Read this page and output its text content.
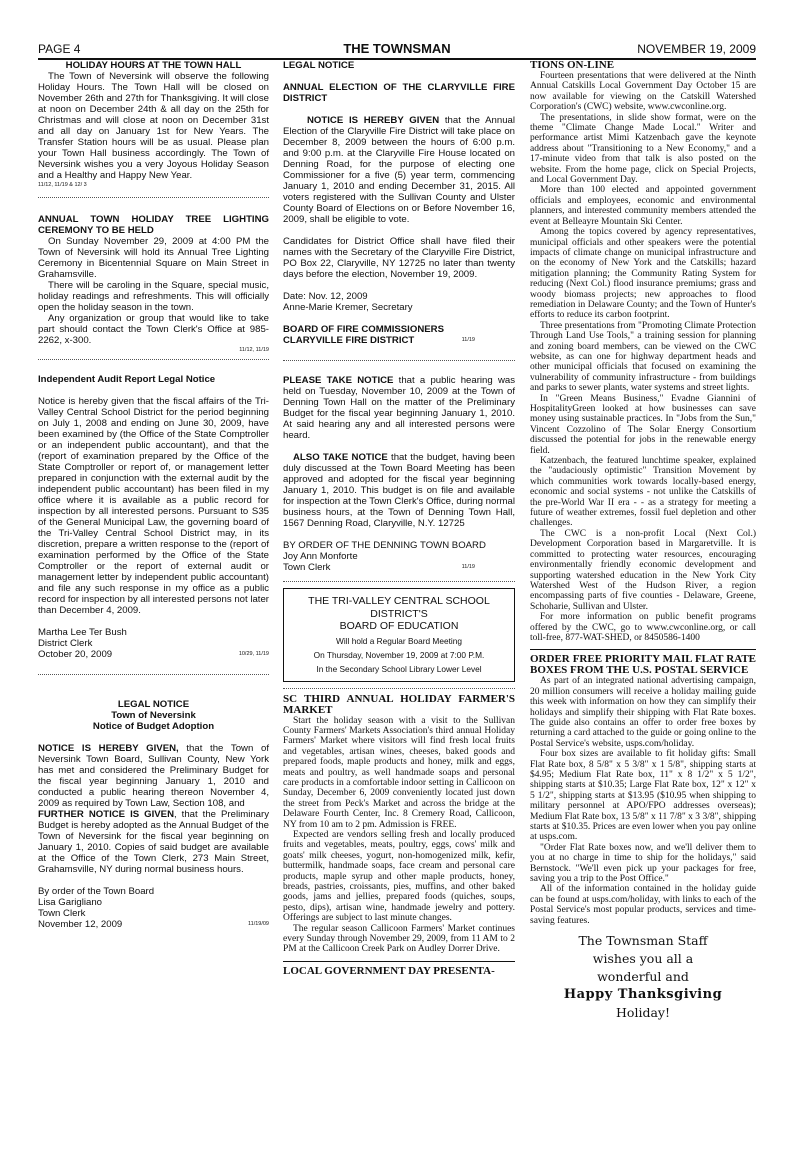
PAGE 4	THE TOWNSMAN	NOVEMBER 19, 2009

HOLIDAY HOURS AT THE TOWN HALL

The Town of Neversink will observe the following Holiday Hours. The Town Hall will be closed on November 26th and 27th for Thanksgiving. It will close at noon on December 24th & all day on the 25th for Christmas and will close at noon on December 31st and all day on January 1st for New Years. The Transfer Station hours will be as usual. Please plan your Town Hall business accordingly. The Town of Neversink wishes you a very Joyous Holiday Season and a Healthy and Happy New Year.

11/12, 11/19 & 12/ 3

ANNUAL TOWN HOLIDAY TREE LIGHTING CEREMONY TO BE HELD

On Sunday November 29, 2009 at 4:00 PM the Town of Neversink will hold its Annual Tree Lighting Ceremony in Bicentennial Square on Main Street in Grahamsville.

There will be caroling in the Square, special music, holiday readings and refreshments. This will officially open the holiday season in the town.

Any organization or group that would like to take part should contact the Town Clerk's Office at 985-2262, x-300.

11/12, 11/19

Independent Audit Report Legal Notice

Notice is hereby given that the fiscal affairs of the Tri-Valley Central School District for the period beginning on July 1, 2008 and ending on June 30, 2009, have been examined by (the Office of the State Comptroller or an independent public accountant), and that the (report of examination prepared by the Office of the State Comptroller or report of, or management letter prepared in conjunction with the external audit by the independent public accountant) has been filed in my office where it is available as a public record for inspection by all interested persons. Pursuant to S35 of the General Municipal Law, the governing board of the Tri-Valley Central School District may, in its discretion, prepare a written response to the (report of examination performed by the Office of the State Comptroller or the report of external audit or management letter by independent public accountant) and file any such response in my office as a public record for inspection by all interested persons not later than December 4, 2009.

Martha Lee Ter Bush
District Clerk
October 20, 2009	10/29, 11/19

LEGAL NOTICE

Town of Neversink

Notice of Budget Adoption

NOTICE IS HEREBY GIVEN, that the Town of Neversink Town Board, Sullivan County, New York has met and considered the Preliminary Budget for the fiscal year beginning January 1, 2010 and conducted a public hearing thereon November 4, 2009 as required by Town Law, Section 108, and

FURTHER NOTICE IS GIVEN, that the Preliminary Budget is hereby adopted as the Annual Budget of the Town of Neversink for the fiscal year beginning on January 1, 2010. Copies of said budget are available at the Office of the Town Clerk, 273 Main Street, Grahamsville, NY during normal business hours.

By order of the Town Board
Lisa Garigliano
Town Clerk
November 12, 2009	11/19/09

LEGAL NOTICE

ANNUAL ELECTION OF THE CLARYVILLE FIRE DISTRICT

NOTICE IS HEREBY GIVEN that the Annual Election of the Claryville Fire District will take place on December 8, 2009 between the hours of 6:00 p.m. and 9:00 p.m. at the Claryville Fire House located on Denning Road, for the purpose of electing one Commissioner for a five (5) year term, commencing January 1, 2010 and ending December 31, 2015. All voters registered with the Sullivan County and Ulster County Board of Elections on or Before November 16, 2009, shall be eligible to vote.

Candidates for District Office shall have filed their names with the Secretary of the Claryville Fire District, PO Box 22, Claryville, NY 12725 no later than twenty days before the election, November 19, 2009.

Date: Nov. 12, 2009
Anne-Marie Kremer, Secretary
BOARD OF FIRE COMMISSIONERS
CLARYVILLE FIRE DISTRICT	11/19

PLEASE TAKE NOTICE that a public hearing was held on Tuesday, November 10, 2009 at the Town of Denning Town Hall on the matter of the Preliminary Budget for the fiscal year beginning January 1, 2010. At said hearing any and all interested persons were heard.

ALSO TAKE NOTICE that the budget, having been duly discussed at the Town Board Meeting has been approved and adopted for the fiscal year beginning January 1, 2010. This budget is on file and available for inspection at the Town Clerk's Office, during normal business hours, at the Town of Denning Town Hall, 1567 Denning Road, Claryville, N.Y. 12725

BY ORDER OF THE DENNING TOWN BOARD
Joy Ann Monforte
Town Clerk	11/19
THE TRI-VALLEY CENTRAL SCHOOL DISTRICT'S
BOARD OF EDUCATION
Will hold a Regular Board Meeting
On Thursday, November 19, 2009 at 7:00 P.M.
In the Secondary School Library Lower Level

SC THIRD ANNUAL HOLIDAY FARMER'S MARKET

Start the holiday season with a visit to the Sullivan County Farmers' Markets Association's third annual Holiday Farmers' Market where visitors will find fresh local fruits and vegetables, artisan wines, cheeses, baked goods and prepared foods, maple products and honey, milk and eggs, meats and poultry, as well handmade soaps and personal care products in a comfortable indoor setting in Callicoon on Sunday, December 6, 2009 conveniently located just down the street from Peck's Market and across the bridge at the Delaware Fourth Center, Inc. 8 Cremery Road, Callicoon, NY from 10 am to 2 pm. Admission is FREE.

Expected are vendors selling fresh and locally produced fruits and vegetables, meats, poultry, eggs, cows' milk and goats' milk cheeses, yogurt, non-homogenized milk, kefir, buttermilk, handmade soaps, face cream and personal care products, maple syrup and other maple products, honey, breads, pastries, croissants, pies, muffins, and other baked goods, jams and jellies, prepared foods (quiches, soups, pesto, dips), artisan wine, handmade jewelry and pottery. Offerings are subject to last minute changes.

The regular season Callicoon Farmers' Market continues every Sunday through November 29, 2009, from 11 AM to 2 PM at the Callicoon Creek Park on Audley Dorrer Drive.

LOCAL GOVERNMENT DAY PRESENTA-

TIONS ON-LINE

Fourteen presentations that were delivered at the Ninth Annual Catskills Local Government Day October 15 are now available for viewing on the Catskill Watershed Corporation's (CWC) website, www.cwconline.org.

The presentations, in slide show format, were on the theme "Climate Change Made Local." Writer and performance artist Mimi Katzenbach gave the keynote address about "Transitioning to a New Economy," and a 17-minute video from that talk is also posted on the website. From the home page, click on Special Projects, and Local Government Day.

More than 100 elected and appointed government officials and employees, economic and environmental planners, and interested community members attended the event at Belleayre Mountain Ski Center.

Among the topics covered by agency representatives, municipal officials and other speakers were the potential impacts of climate change on municipal infrastructure and on the economy of New York and the Catskills; hazard mitigation planning; the Community Rating System for reducing (Next Col.) flood insurance premiums; grass and woody biomass projects; new approaches to flood remediation in Delaware County; and the Town of Hunter's efforts to reduce its carbon footprint.

Three presentations from "Promoting Climate Protection Through Land Use Tools," a training session for planning and zoning board members, can be viewed on the CWC website, as can one for highway department heads and other municipal officials that focused on examining the vulnerability of community infrastructure - from buildings and parks to sewer plants, water systems and street lights.

In "Green Means Business," Evadne Giannini of HospitalityGreen looked at how businesses can save money using sustainable practices. In "Jobs from the Sun," Vincent Cozzolino of The Solar Energy Consortium discussed the potential for jobs in the renewable energy field.

Katzenbach, the featured lunchtime speaker, explained the "audaciously optimistic" Transition Movement by which communities work towards locally-based energy, economic and social systems - not unlike the Catskills of the pre-World War II era - - as a strategy for meeting a future of weather extremes, fossil fuel depletion and other challenges.

The CWC is a non-profit Local (Next Col.) Development Corporation based in Margaretville. It is committed to protecting water resources, encouraging environmentally friendly economic development and supporting watershed education in the New York City Watershed West of the Hudson River, a region encompassing parts of five counties - Delaware, Greene, Schoharie, Sullivan and Ulster.

For more information on public benefit programs offered by the CWC, go to www.cwconline.org, or call toll-free, 877-WAT-SHED, or 8450586-1400

ORDER FREE PRIORITY MAIL FLAT RATE BOXES FROM THE U.S. POSTAL SERVICE

As part of an integrated national advertising campaign, 20 million consumers will receive a holiday mailing guide this week with information on how they can simplify their holidays and simplify their shipping with Flat Rate boxes. The guide also contains an offer to order free boxes by returning a card attached to the guide or going online to the Postal Service's website, usps.com/holiday.

Four box sizes are available to fit holiday gifts: Small Flat Rate box, 8 5/8" x 5 3/8" x 1 5/8", shipping starts at $4.95; Medium Flat Rate box, 11" x 8 1/2" x 5 1/2", shipping starts at $10.35; Large Flat Rate box, 12" x 12" x 5 1/2", shipping starts at $13.95 ($10.95 when shipping to military personnel at APO/FPO addresses overseas); Medium Flat Rate box, 13 5/8" x 11 7/8" x 3 3/8", shipping starts at $10.35. Prices are even lower when you pay online at usps.com.

"Order Flat Rate boxes now, and we'll deliver them to you at no charge in time to ship for the holidays," said Bernstock. "We'll even pick up your packages for free, saving you a trip to the Post Office."

All of the information contained in the holiday guide can be found at usps.com/holiday, with links to each of the Postal Service's most popular products, services and time-saving features.

The Townsman Staff
wishes you all a
wonderful and
Happy Thanksgiving
Holiday!
